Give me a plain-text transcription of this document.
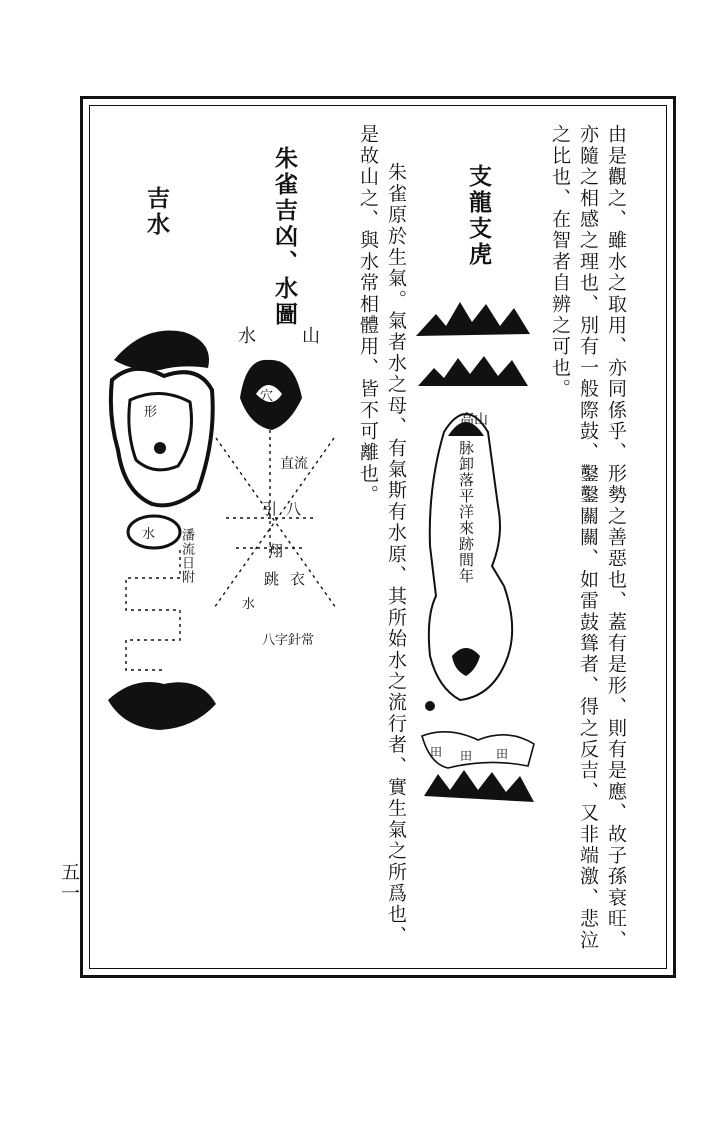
由是觀之、雖水之取用、亦同係乎、形勢之善惡也、蓋有是形、則有是應、故子孫衰旺、
亦隨之相感之理也、別有一般際鼓、鑿鑿關關、如雷鼓聳者、得之反吉、又非端激、悲泣
之比也、在智者自辨之可也。
朱雀原於生氣。氣者水之母、有氣斯有水原、其所始水之流行者、實生氣之所爲也、
是故山之、與水常相體用、皆不可離也。	支龍支虎
朱雀吉凶、水圖
吉水
五一
高山
田 田 田
脉卸落平洋來跡間年
水	山
穴
直流
引 八
翔
跳 衣
水
八字針常
形
水 潘流日附
